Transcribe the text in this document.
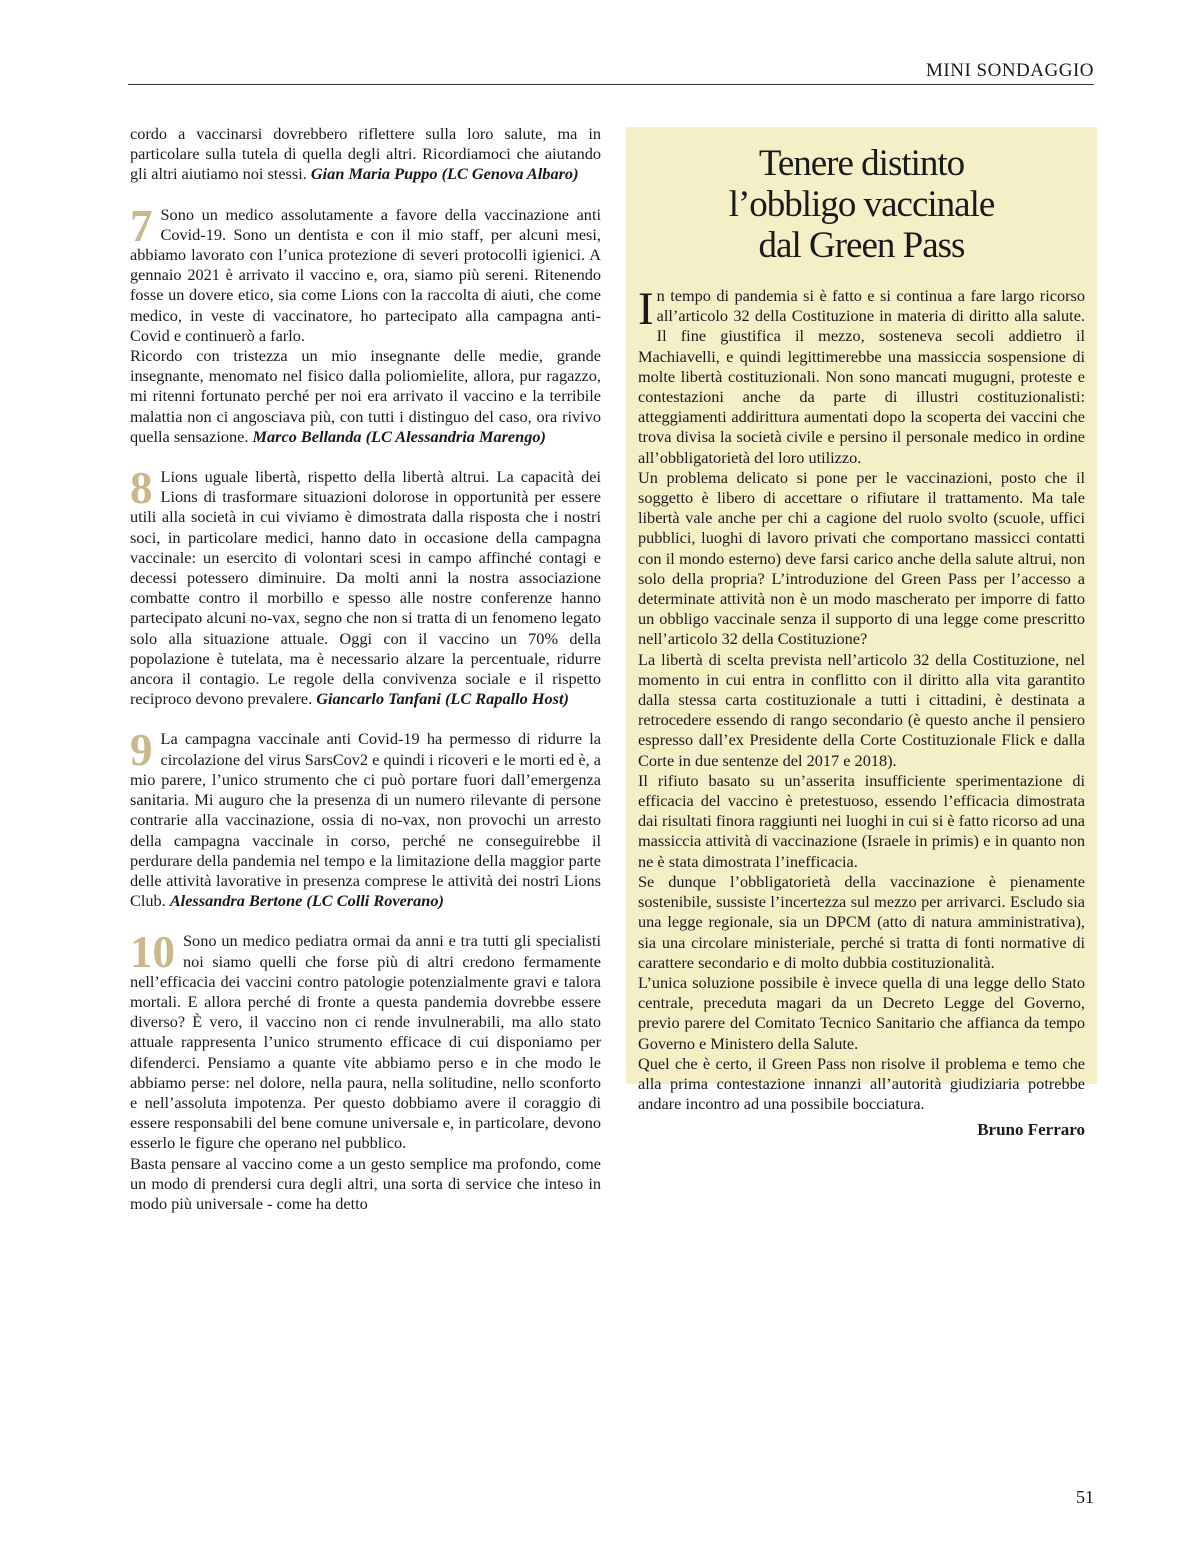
MINI SONDAGGIO

cordo a vaccinarsi dovrebbero riflettere sulla loro salute, ma in particolare sulla tutela di quella degli altri. Ricordiamoci che aiutando gli altri aiutiamo noi stessi. Gian Maria Puppo (LC Genova Albaro)

7 Sono un medico assolutamente a favore della vaccinazione anti Covid-19. Sono un dentista e con il mio staff, per alcuni mesi, abbiamo lavorato con l’unica protezione di severi protocolli igienici. A gennaio 2021 è arrivato il vaccino e, ora, siamo più sereni. Ritenendo fosse un dovere etico, sia come Lions con la raccolta di aiuti, che come medico, in veste di vaccinatore, ho partecipato alla campagna anti-Covid e continuerò a farlo.

Ricordo con tristezza un mio insegnante delle medie, grande insegnante, menomato nel fisico dalla poliomielite, allora, pur ragazzo, mi ritenni fortunato perché per noi era arrivato il vaccino e la terribile malattia non ci angosciava più, con tutti i distinguo del caso, ora rivivo quella sensazione. Marco Bellanda (LC Alessandria Marengo)

8 Lions uguale libertà, rispetto della libertà altrui. La capacità dei Lions di trasformare situazioni dolorose in opportunità per essere utili alla società in cui viviamo è dimostrata dalla risposta che i nostri soci, in particolare medici, hanno dato in occasione della campagna vaccinale: un esercito di volontari scesi in campo affinché contagi e decessi potessero diminuire. Da molti anni la nostra associazione combatte contro il morbillo e spesso alle nostre conferenze hanno partecipato alcuni no-vax, segno che non si tratta di un fenomeno legato solo alla situazione attuale. Oggi con il vaccino un 70% della popolazione è tutelata, ma è necessario alzare la percentuale, ridurre ancora il contagio. Le regole della convivenza sociale e il rispetto reciproco devono prevalere. Giancarlo Tanfani (LC Rapallo Host)

9 La campagna vaccinale anti Covid-19 ha permesso di ridurre la circolazione del virus SarsCov2 e quindi i ricoveri e le morti ed è, a mio parere, l’unico strumento che ci può portare fuori dall’emergenza sanitaria. Mi auguro che la presenza di un numero rilevante di persone contrarie alla vaccinazione, ossia di no-vax, non provochi un arresto della campagna vaccinale in corso, perché ne conseguirebbe il perdurare della pandemia nel tempo e la limitazione della maggior parte delle attività lavorative in presenza comprese le attività dei nostri Lions Club. Alessandra Bertone (LC Colli Roverano)

10 Sono un medico pediatra ormai da anni e tra tutti gli specialisti noi siamo quelli che forse più di altri credono fermamente nell’efficacia dei vaccini contro patologie potenzialmente gravi e talora mortali. E allora perché di fronte a questa pandemia dovrebbe essere diverso? È vero, il vaccino non ci rende invulnerabili, ma allo stato attuale rappresenta l’unico strumento efficace di cui disponiamo per difenderci. Pensiamo a quante vite abbiamo perso e in che modo le abbiamo perse: nel dolore, nella paura, nella solitudine, nello sconforto e nell’assoluta impotenza. Per questo dobbiamo avere il coraggio di essere responsabili del bene comune universale e, in particolare, devono esserlo le figure che operano nel pubblico.

Basta pensare al vaccino come a un gesto semplice ma profondo, come un modo di prendersi cura degli altri, una sorta di service che inteso in modo più universale - come ha detto

Tenere distinto
l’obbligo vaccinale
dal Green Pass

In tempo di pandemia si è fatto e si continua a fare largo ricorso all’articolo 32 della Costituzione in materia di diritto alla salute. Il fine giustifica il mezzo, sosteneva secoli addietro il Machiavelli, e quindi legittimerebbe una massiccia sospensione di molte libertà costituzionali. Non sono mancati mugugni, proteste e contestazioni anche da parte di illustri costituzionalisti: atteggiamenti addirittura aumentati dopo la scoperta dei vaccini che trova divisa la società civile e persino il personale medico in ordine all’obbligatorietà del loro utilizzo.

Un problema delicato si pone per le vaccinazioni, posto che il soggetto è libero di accettare o rifiutare il trattamento. Ma tale libertà vale anche per chi a cagione del ruolo svolto (scuole, uffici pubblici, luoghi di lavoro privati che comportano massicci contatti con il mondo esterno) deve farsi carico anche della salute altrui, non solo della propria? L’introduzione del Green Pass per l’accesso a determinate attività non è un modo mascherato per imporre di fatto un obbligo vaccinale senza il supporto di una legge come prescritto nell’articolo 32 della Costituzione?

La libertà di scelta prevista nell’articolo 32 della Costituzione, nel momento in cui entra in conflitto con il diritto alla vita garantito dalla stessa carta costituzionale a tutti i cittadini, è destinata a retrocedere essendo di rango secondario (è questo anche il pensiero espresso dall’ex Presidente della Corte Costituzionale Flick e dalla Corte in due sentenze del 2017 e 2018).

Il rifiuto basato su un’asserita insufficiente sperimentazione di efficacia del vaccino è pretestuoso, essendo l’efficacia dimostrata dai risultati finora raggiunti nei luoghi in cui si è fatto ricorso ad una massiccia attività di vaccinazione (Israele in primis) e in quanto non ne è stata dimostrata l’inefficacia.

Se dunque l’obbligatorietà della vaccinazione è pienamente sostenibile, sussiste l’incertezza sul mezzo per arrivarci. Escludo sia una legge regionale, sia un DPCM (atto di natura amministrativa), sia una circolare ministeriale, perché si tratta di fonti normative di carattere secondario e di molto dubbia costituzionalità.

L’unica soluzione possibile è invece quella di una legge dello Stato centrale, preceduta magari da un Decreto Legge del Governo, previo parere del Comitato Tecnico Sanitario che affianca da tempo Governo e Ministero della Salute.

Quel che è certo, il Green Pass non risolve il problema e temo che alla prima contestazione innanzi all’autorità giudiziaria potrebbe andare incontro ad una possibile bocciatura.

Bruno Ferraro
51
